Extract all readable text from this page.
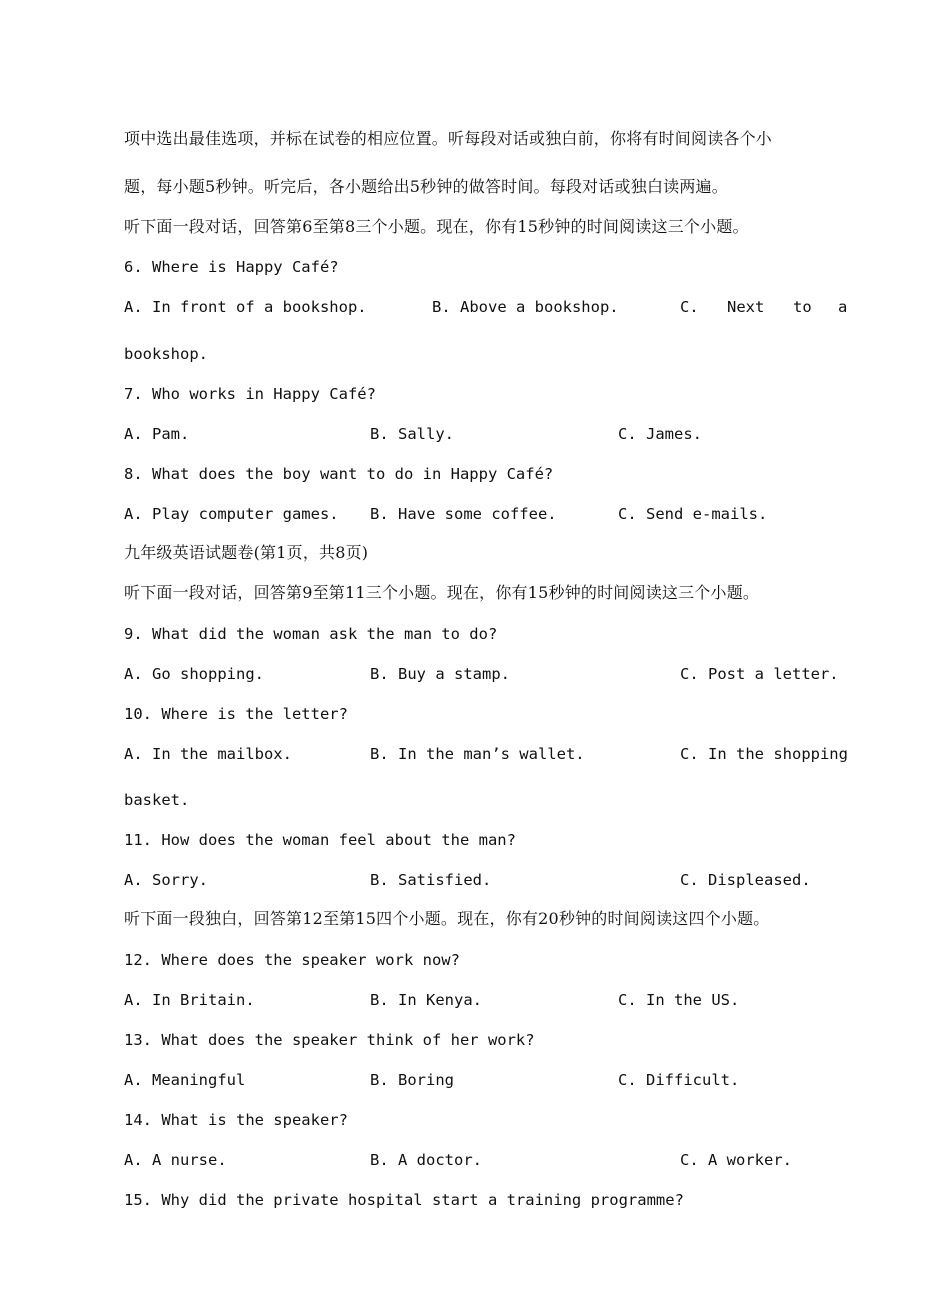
项中选出最佳选项，并标在试卷的相应位置。听每段对话或独白前，你将有时间阅读各个小
题，每小题5秒钟。听完后，各小题给出5秒钟的做答时间。每段对话或独白读两遍。
听下面一段对话，回答第6至第8三个小题。现在，你有15秒钟的时间阅读这三个小题。
6. Where is Happy Café?
A. In front of a bookshop.	B. Above a bookshop.	C. Next to a
bookshop.
7. Who works in Happy Café?
A. Pam.	B. Sally.	C. James.
8. What does the boy want to do in Happy Café?
A. Play computer games. B. Have some coffee.	C. Send e-mails.
九年级英语试题卷(第1页，共8页)
听下面一段对话，回答第9至第11三个小题。现在，你有15秒钟的时间阅读这三个小题。
9. What did the woman ask the man to do?
A. Go shopping.	B. Buy a stamp.	C. Post a letter.
10. Where is the letter?
A. In the mailbox.	B. In the man’s wallet.	C. In the shopping
basket.
11. How does the woman feel about the man?
A. Sorry.	B. Satisfied.	C. Displeased.
听下面一段独白，回答第12至第15四个小题。现在，你有20秒钟的时间阅读这四个小题。
12. Where does the speaker work now?
A. In Britain.	B. In Kenya.	C. In the US.
13. What does the speaker think of her work?
A. Meaningful	B. Boring	C. Difficult.
14. What is the speaker?
A. A nurse.	B. A doctor.	C. A worker.
15. Why did the private hospital start a training programme?
